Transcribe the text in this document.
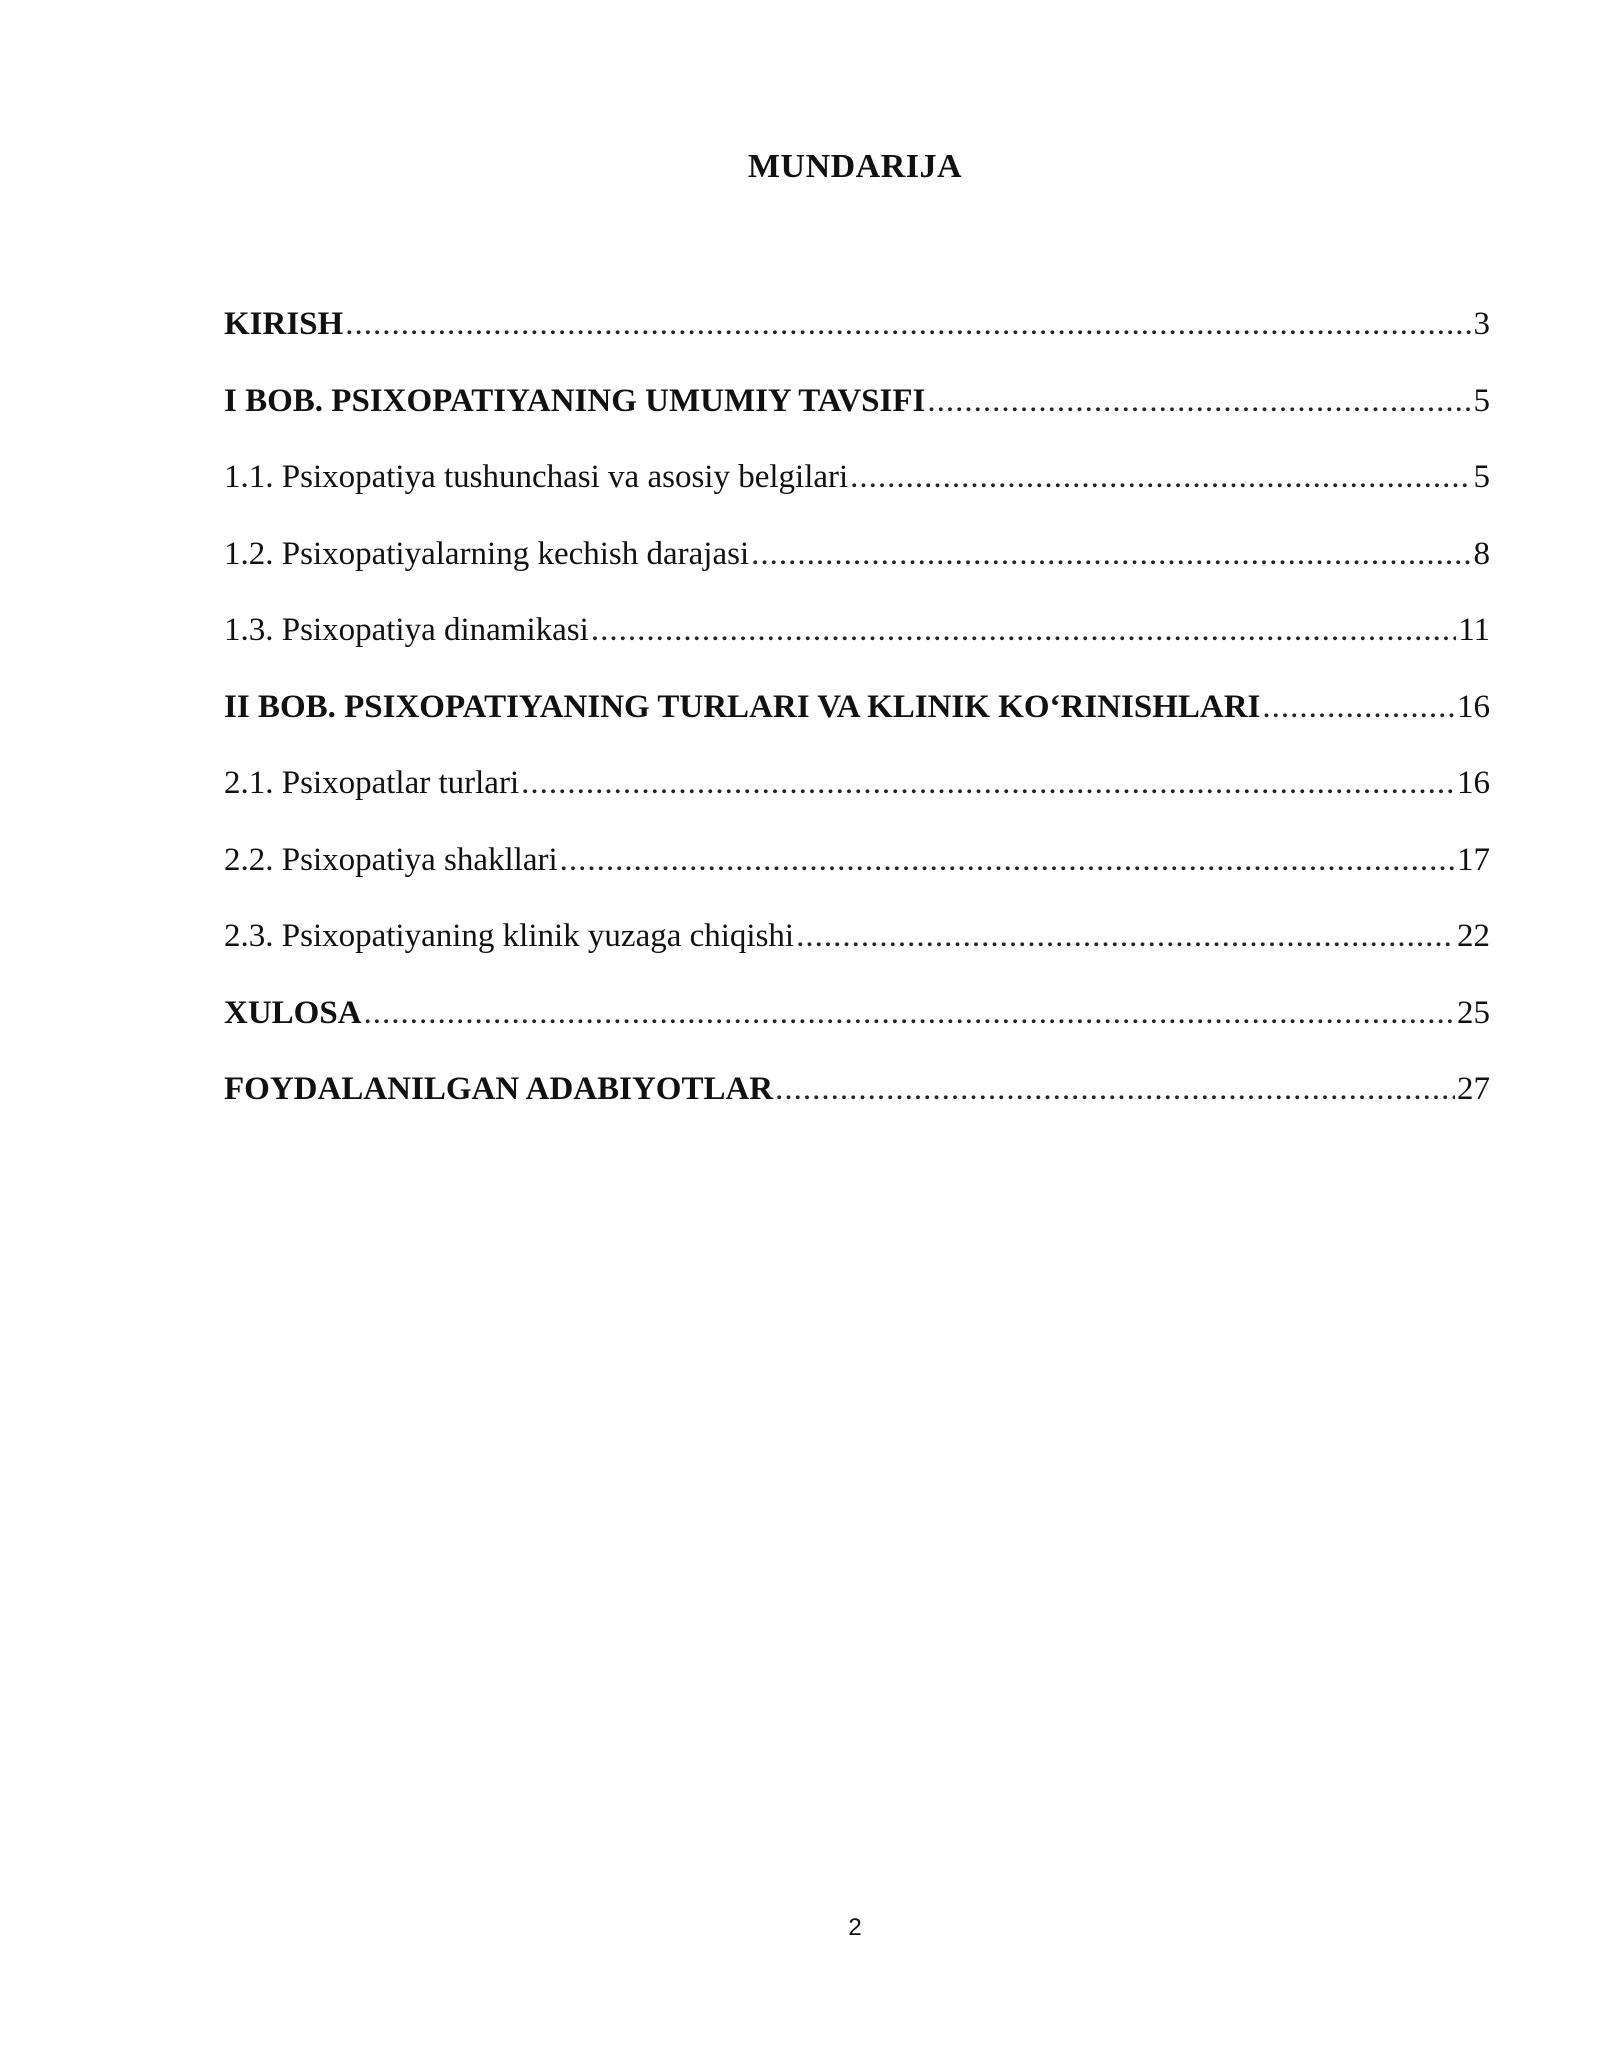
MUNDARIJA
KIRISH .....	3
I BOB. PSIXOPATIYANING UMUMIY TAVSIFI .....	5
1.1. Psixopatiya tushunchasi va asosiy belgilari .....	5
1.2. Psixopatiyalarning kechish darajasi .....	8
1.3. Psixopatiya dinamikasi .....	11
II BOB. PSIXOPATIYANING TURLARI VA KLINIK KO‘RINISHLARI .....	16
2.1. Psixopatlar turlari .....	16
2.2. Psixopatiya shakllari .....	17
2.3. Psixopatiyaning klinik yuzaga chiqishi .....	22
XULOSA .....	25
FOYDALANILGAN ADABIYOTLAR .....	27
2
